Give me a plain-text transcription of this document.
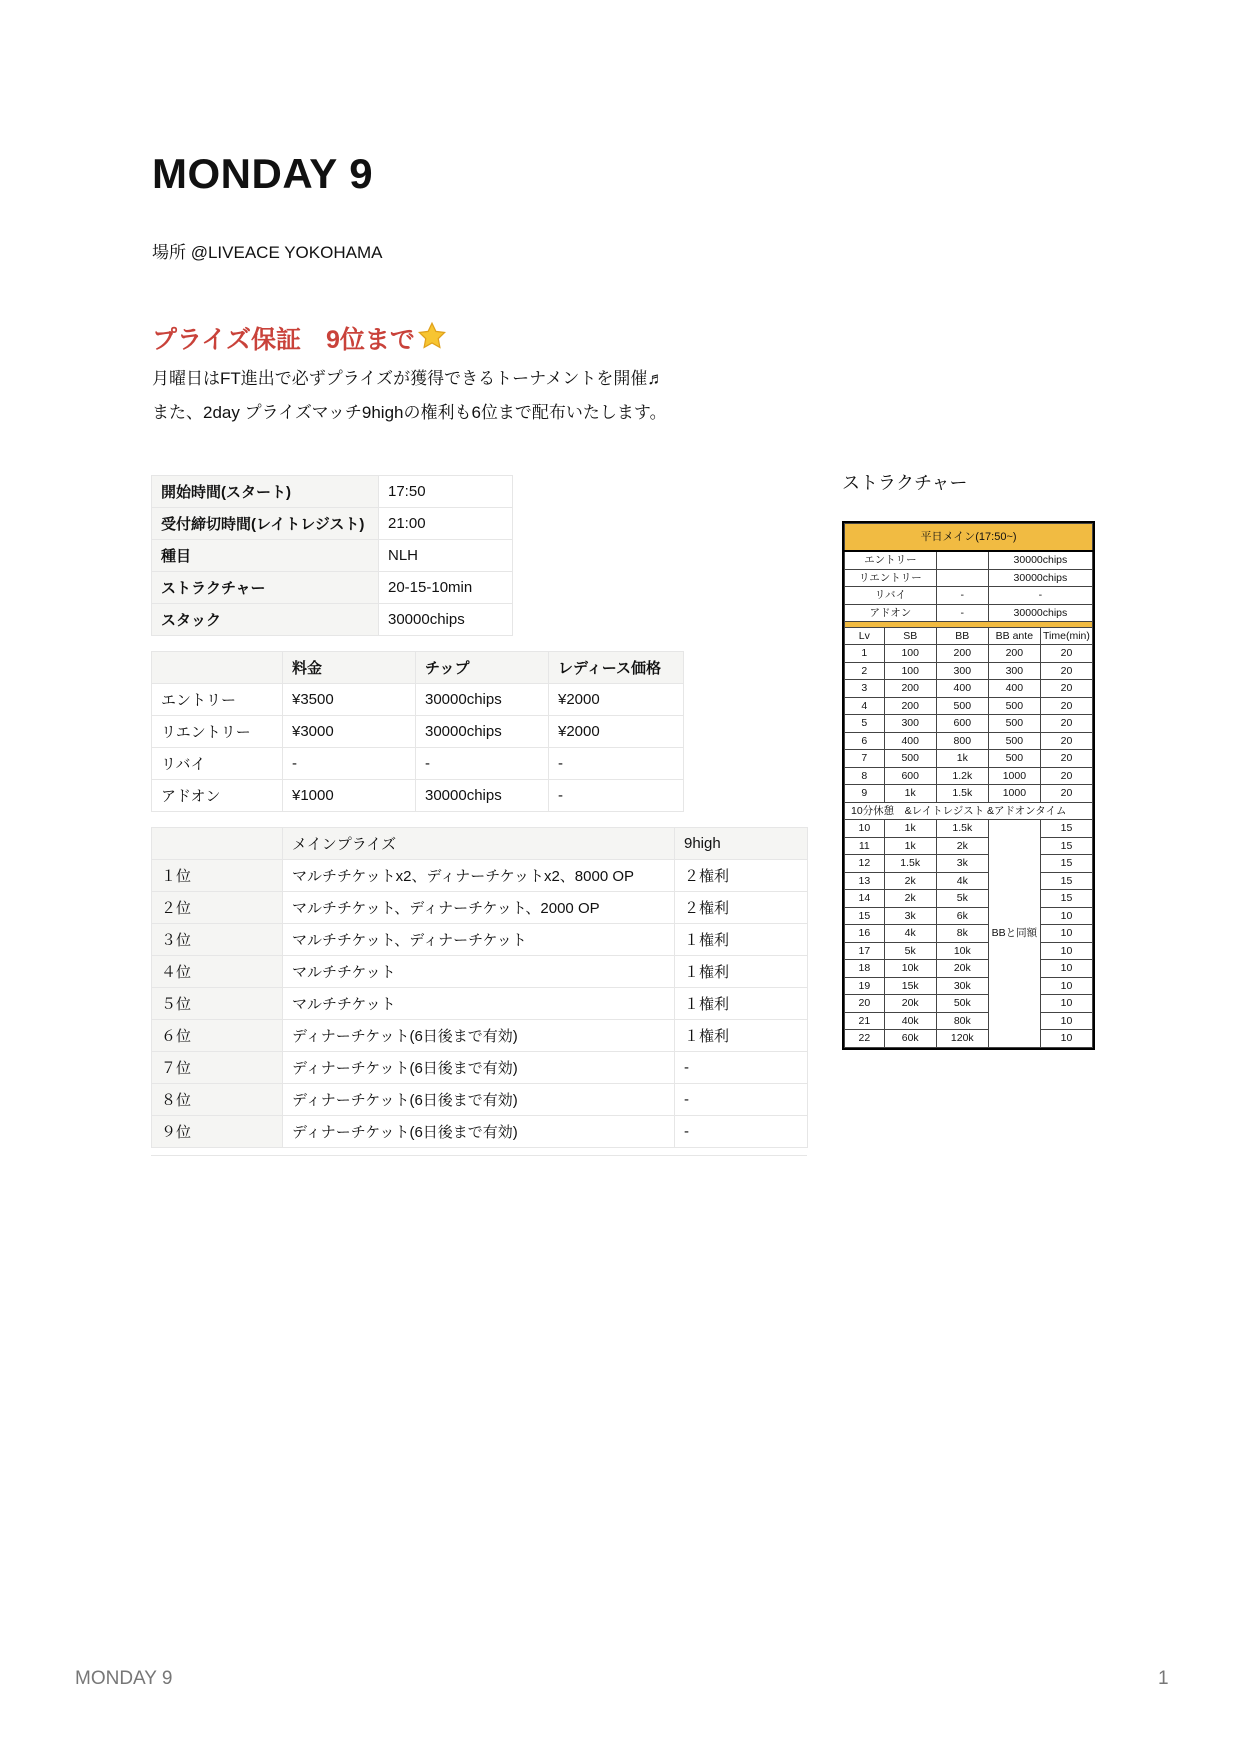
MONDAY 9
場所 @LIVEACE YOKOHAMA
プライズ保証　9位まで
月曜日はFT進出で必ずプライズが獲得できるトーナメントを開催♬
また、2day プライズマッチ9highの権利も6位まで配布いたします。
ストラクチャー
開始時間(スタート)	17:50
受付締切時間(レイトレジスト)	21:00
種目	NLH
ストラクチャー	20-15-10min
スタック	30000chips
	料金	チップ	レディース価格
エントリー	¥3500	30000chips	¥2000
リエントリー	¥3000	30000chips	¥2000
リバイ	-	-	-
アドオン	¥1000	30000chips	-
	メインプライズ	9high
１位	マルチチケットx2、ディナーチケットx2、8000 OP	２権利
２位	マルチチケット、ディナーチケット、2000 OP	２権利
３位	マルチチケット、ディナーチケット	１権利
４位	マルチチケット	１権利
５位	マルチチケット	１権利
６位	ディナーチケット(6日後まで有効)	１権利
７位	ディナーチケット(6日後まで有効)	-
８位	ディナーチケット(6日後まで有効)	-
９位	ディナーチケット(6日後まで有効)	-
平日メイン(17:50~)				
エントリー			30000chips	
リエントリー			30000chips	
リバイ		-	-	
アドオン		-	30000chips	

Lv	SB	BB	BB ante	Time(min)
1	100	200	200	20
2	100	300	300	20
3	200	400	400	20
4	200	500	500	20
5	300	600	500	20
6	400	800	500	20
7	500	1k	500	20
8	600	1.2k	1000	20
9	1k	1.5k	1000	20
10分休憩　&レイトレジスト &アドオンタイム				
10	1k	1.5k	BBと同額	15
11	1k	2k		15
12	1.5k	3k		15
13	2k	4k		15
14	2k	5k		15
15	3k	6k		10
16	4k	8k		10
17	5k	10k		10
18	10k	20k		10
19	15k	30k		10
20	20k	50k		10
21	40k	80k		10
22	60k	120k		10
MONDAY 9	1
